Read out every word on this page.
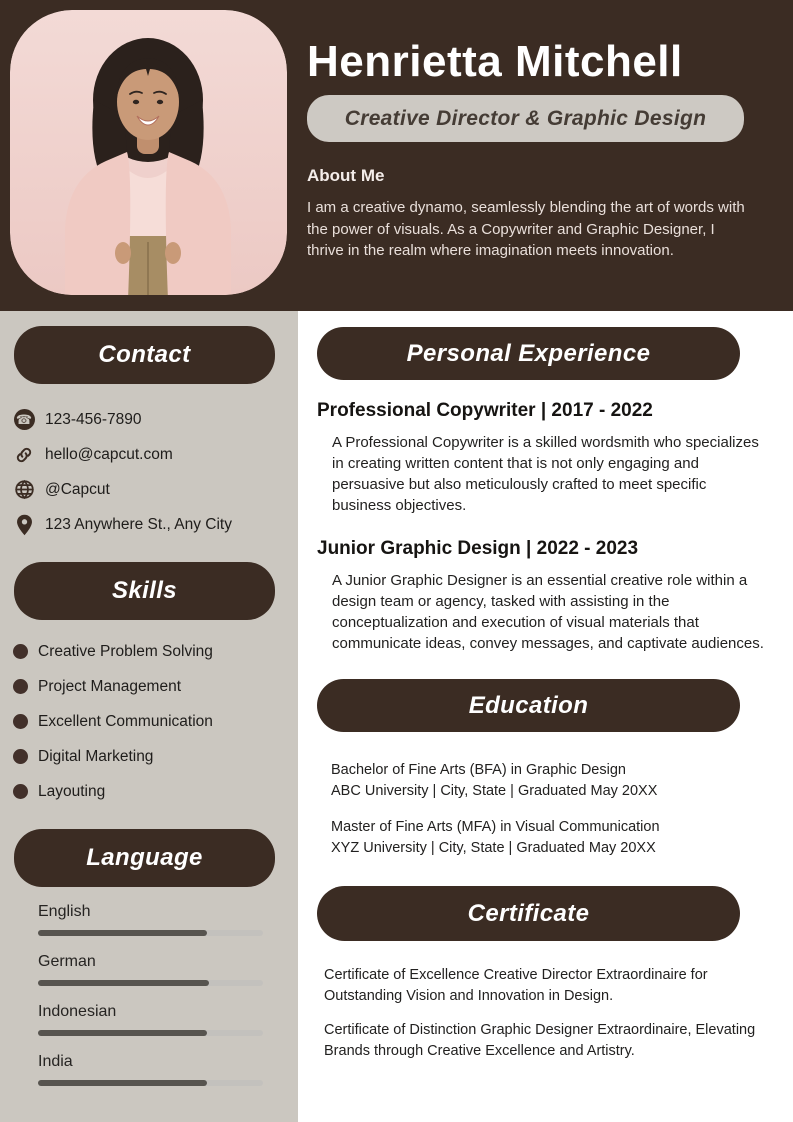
Henrietta Mitchell
Creative Director & Graphic Design
About Me

I am a creative dynamo, seamlessly blending the art of words with the power of visuals. As a Copywriter and Graphic Designer, I thrive in the realm where imagination meets innovation.

Contact
☎ 123-456-7890
hello@capcut.com
@Capcut
123 Anywhere St., Any City
Skills
Creative Problem Solving
Project Management
Excellent Communication
Digital Marketing
Layouting
Language
English
German
Indonesian
India
Personal Experience
Professional Copywriter | 2017 - 2022

A Professional Copywriter is a skilled wordsmith who specializes in creating written content that is not only engaging and persuasive but also meticulously crafted to meet specific business objectives.

Junior Graphic Design | 2022 - 2023

A Junior Graphic Designer is an essential creative role within a design team or agency, tasked with assisting in the conceptualization and execution of visual materials that communicate ideas, convey messages, and captivate audiences.

Education
Bachelor of Fine Arts (BFA) in Graphic Design
ABC University | City, State | Graduated May 20XX
Master of Fine Arts (MFA) in Visual Communication
XYZ University | City, State | Graduated May 20XX
Certificate

Certificate of Excellence Creative Director Extraordinaire for Outstanding Vision and Innovation in Design.

Certificate of Distinction Graphic Designer Extraordinaire, Elevating Brands through Creative Excellence and Artistry.
